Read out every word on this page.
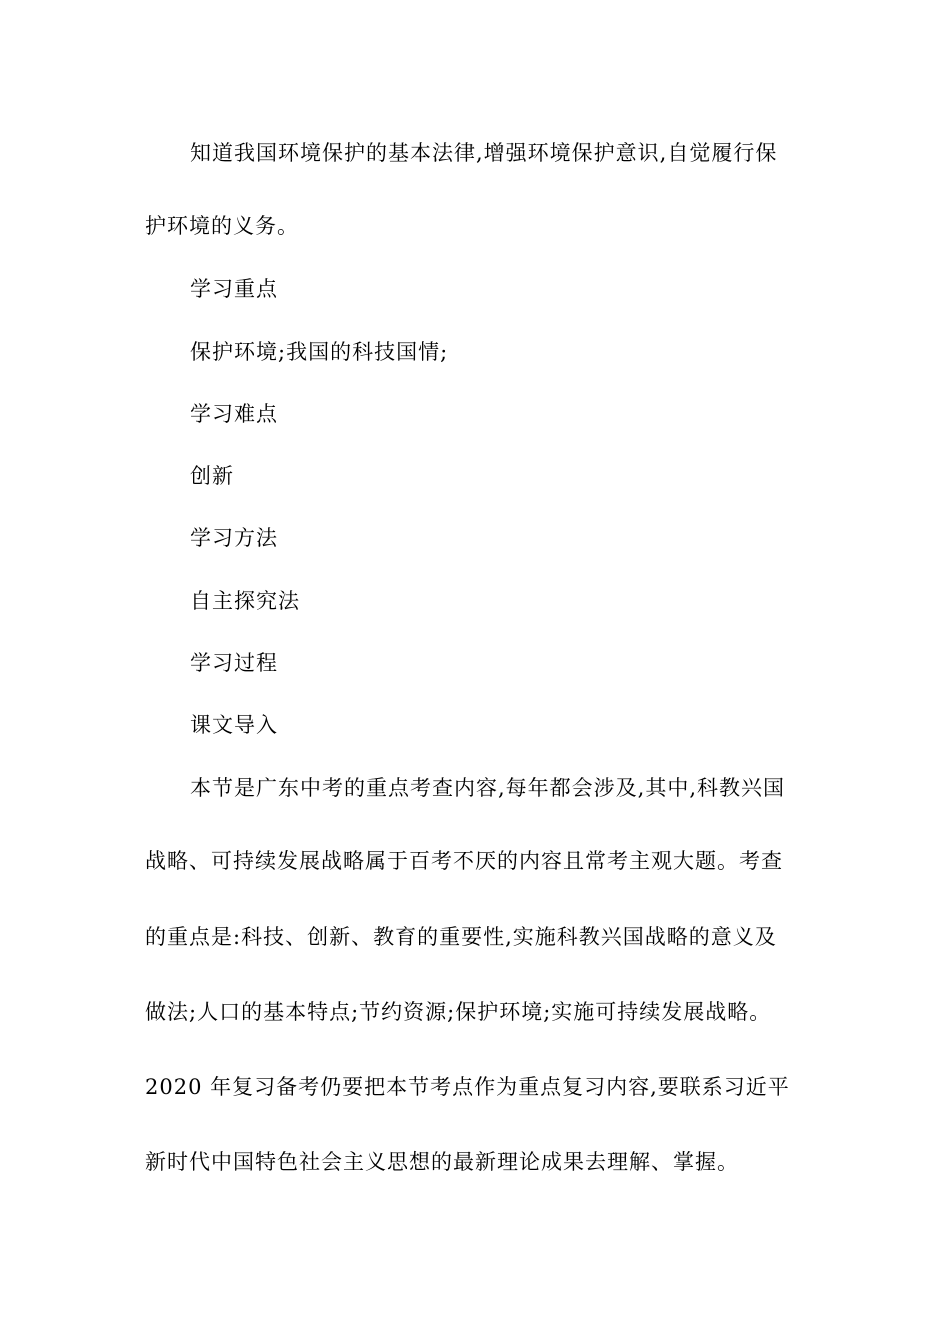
知道我国环境保护的基本法律,增强环境保护意识,自觉履行保
护环境的义务。
学习重点
保护环境;我国的科技国情;
学习难点
创新
学习方法
自主探究法
学习过程
课文导入
本节是广东中考的重点考查内容,每年都会涉及,其中,科教兴国
战略、可持续发展战略属于百考不厌的内容且常考主观大题。考查
的重点是:科技、创新、教育的重要性,实施科教兴国战略的意义及
做法;人口的基本特点;节约资源;保护环境;实施可持续发展战略。
2020 年复习备考仍要把本节考点作为重点复习内容,要联系习近平
新时代中国特色社会主义思想的最新理论成果去理解、掌握。
